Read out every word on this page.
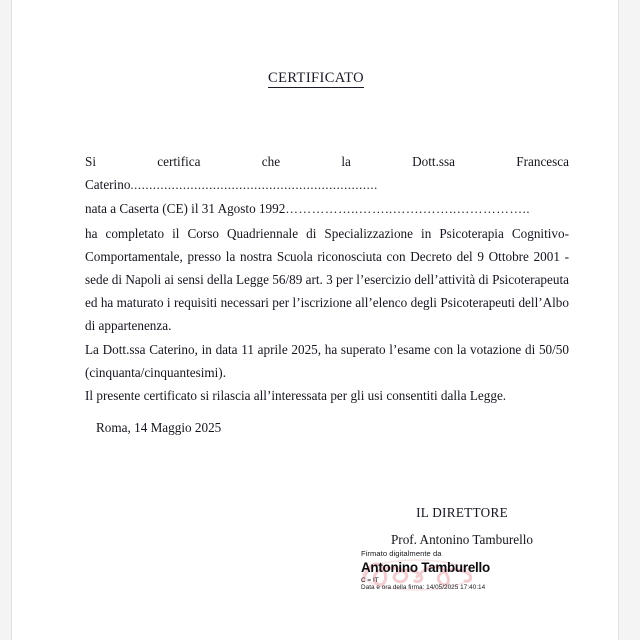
CERTIFICATO
Si certifica che la Dott.ssa Francesca Caterino..................................................................
nata a Caserta (CE) il 31 Agosto 1992……………..……..…….……..……………..

ha completato il Corso Quadriennale di Specializzazione in Psicoterapia Cognitivo-Comportamentale, presso la nostra Scuola riconosciuta con Decreto del 9 Ottobre 2001 - sede di Napoli ai sensi della Legge 56/89 art. 3 per l’esercizio dell’attività di Psicoterapeuta ed ha maturato i requisiti necessari per l’iscrizione all’elenco degli Psicoterapeuti dell’Albo di appartenenza.

La Dott.ssa Caterino, in data 11 aprile 2025, ha superato l’esame con la votazione di 50/50 (cinquanta/cinquantesimi).

Il presente certificato si rilascia all’interessata per gli usi consentiti dalla Legge.

Roma, 14 Maggio 2025
IL DIRETTORE
Prof. Antonino Tamburello
Firmato digitalmente da
Antonino Tamburello
C = IT
Data e ora della firma: 14/05/2025 17:40:14
